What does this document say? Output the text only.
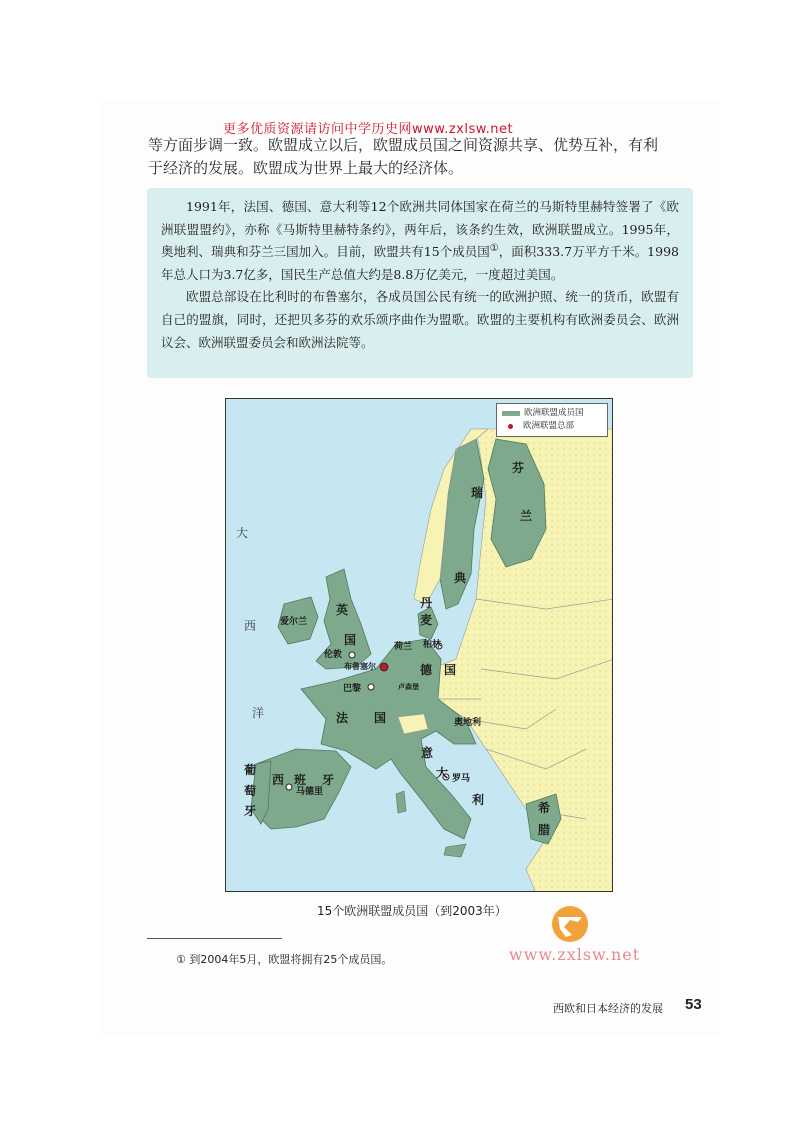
更多优质资源请访问中学历史网www.zxlsw.net

等方面步调一致。欧盟成立以后，欧盟成员国之间资源共享、优势互补，有利

于经济的发展。欧盟成为世界上最大的经济体。

1991年，法国、德国、意大利等12个欧洲共同体国家在荷兰的马斯特里赫特签署了《欧洲联盟盟约》，亦称《马斯特里赫特条约》，两年后，该条约生效，欧洲联盟成立。1995年，奥地利、瑞典和芬兰三国加入。目前，欧盟共有15个成员国①，面积333.7万平方千米。1998年总人口为3.7亿多，国民生产总值大约是8.8万亿美元，一度超过美国。

欧盟总部设在比利时的布鲁塞尔，各成员国公民有统一的欧洲护照、统一的货币，欧盟有自己的盟旗，同时，还把贝多芬的欢乐颂序曲作为盟歌。欧盟的主要机构有欧洲委员会、欧洲议会、欧洲联盟委员会和欧洲法院等。

欧洲联盟成员国
欧洲联盟总部
大
西
洋
芬
兰
瑞
典
丹
麦
英
国
爱尔兰
荷兰
卢森堡
德 国
法 国	奥地利
意
大
利
西 班 牙
葡
萄
牙	希
腊
伦敦
巴黎
布鲁塞尔
柏林
罗马
马德里
15个欧洲联盟成员国（到2003年）
① 到2004年5月，欧盟将拥有25个成员国。	www.zxlsw.net
西欧和日本经济的发展 53
